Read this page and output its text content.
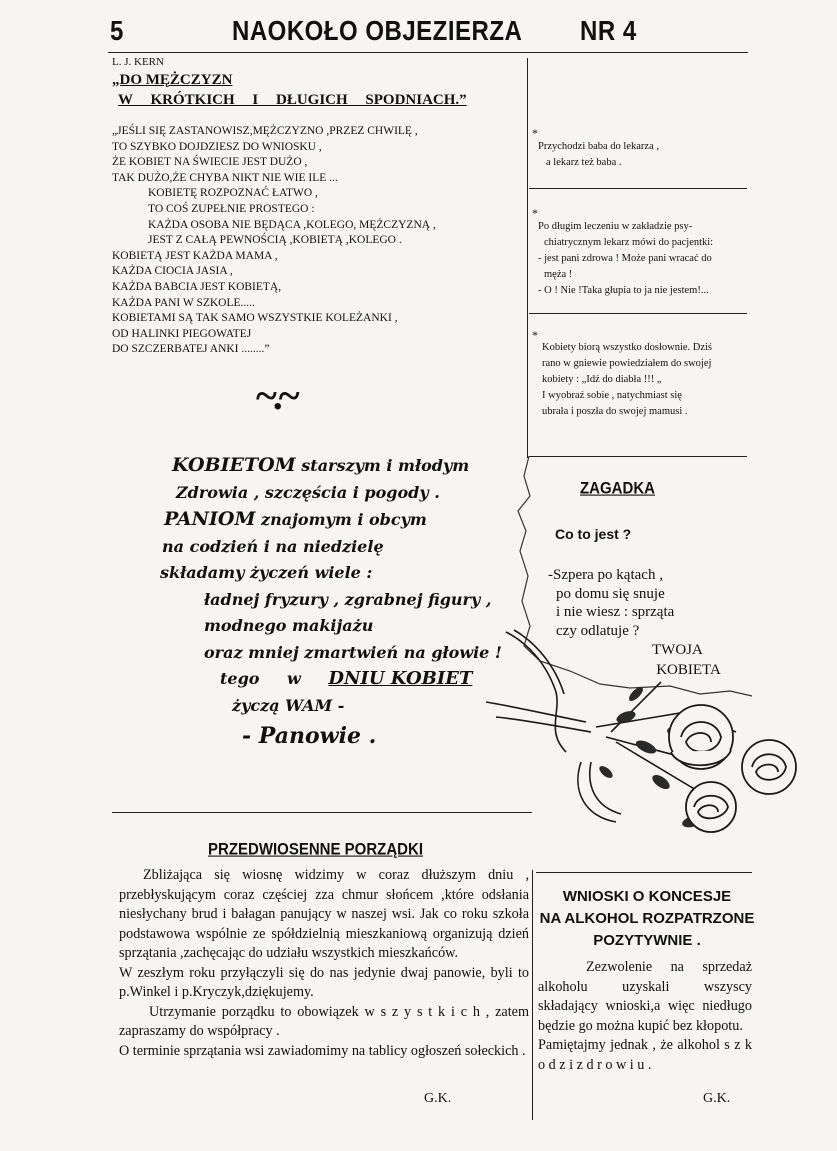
5	NAOKOŁO OBJEZIERZA NR 4
L. J. KERN
„DO MĘŻCZYZN
W KRÓTKICH I DŁUGICH SPODNIACH.”
„JEŚLI SIĘ ZASTANOWISZ,MĘŻCZYZNO ,PRZEZ CHWILĘ ,
TO SZYBKO DOJDZIESZ DO WNIOSKU ,
ŻE KOBIET NA ŚWIECIE JEST DUŻO ,
TAK DUŻO,ŻE CHYBA NIKT NIE WIE ILE ...
KOBIETĘ ROZPOZNAĆ ŁATWO ,
TO COŚ ZUPEŁNIE PROSTEGO :
KAŻDA OSOBA NIE BĘDĄCA ,KOLEGO, MĘŻCZYZNĄ ,
JEST Z CAŁĄ PEWNOŚCIĄ ,KOBIETĄ ,KOLEGO .
KOBIETĄ JEST KAŻDA MAMA ,
KAŻDA CIOCIA JASIA ,
KAŻDA BABCIA JEST KOBIETĄ,
KAŻDA PANI W SZKOLE.....
KOBIETAMI SĄ TAK SAMO WSZYSTKIE KOLEŻANKI ,
OD HALINKI PIEGOWATEJ
DO SZCZERBATEJ ANKI ........”
~.~
KOBIETOM starszym i młodym
Zdrowia , szczęścia i pogody .
PANIOM znajomym i obcym
na codzień i na niedzielę
składamy życzeń wiele :
ładnej fryzury , zgrabnej figury ,
modnego makijażu
oraz mniej zmartwień na głowie !
tego w DNIU KOBIET
życzą WAM -
- Panowie .
*
Przychodzi baba do lekarza ,
a lekarz też baba .
*
Po długim leczeniu w zakładzie psy-
chiatrycznym lekarz mówi do pacjentki:
- jest pani zdrowa ! Może pani wracać do
męża !
- O ! Nie !Taka głupia to ja nie jestem!...
*
Kobiety biorą wszystko dosłownie. Dziś
rano w gniewie powiedziałem do swojej
kobiety : „Idź do diabła !!! „
I wyobraź sobie , natychmiast się
ubrała i poszła do swojej mamusi .
ZAGADKA
Co to jest ?
-Szpera po kątach ,
po domu się snuje
i nie wiesz : sprząta
czy odlatuje ?
TWOJA
KOBIETA
PRZEDWIOSENNE PORZĄDKI

Zbliżająca się wiosnę widzimy w coraz dłuższym dniu , przebłyskującym coraz częściej zza chmur słońcem ,które odsłania niesłychany brud i bałagan panujący w naszej wsi. Jak co roku szkoła podstawowa wspólnie ze spółdzielnią mieszkaniową organizują dzień sprzątania ,zachęcając do udziału wszystkich mieszkańców.

W zeszłym roku przyłączyli się do nas jedynie dwaj panowie, byli to p.Winkel i p.Kryczyk,dziękujemy.

Utrzymanie porządku to obowiązek w s z y s t k i c h , zatem zapraszamy do współpracy .

O terminie sprzątania wsi zawiadomimy na tablicy ogłoszeń sołeckich .

G.K.
WNIOSKI O KONCESJE
NA ALKOHOL ROZPATRZONE
POZYTYWNIE .

Zezwolenie na sprzedaż alkoholu uzyskali wszyscy składający wnioski,a więc niedługo będzie go można kupić bez kłopotu.

Pamiętajmy jednak , że alkohol s z k o d z i z d r o w i u .

G.K.
